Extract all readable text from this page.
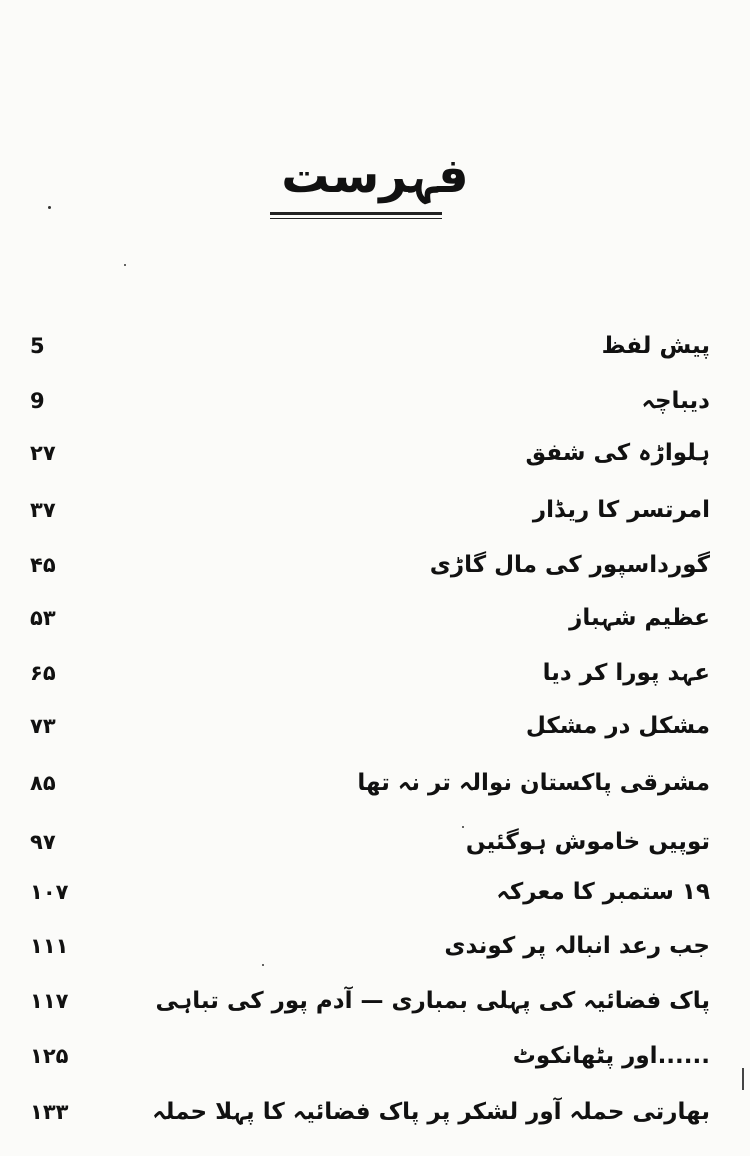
فہرست
پیش لفظ
5
دیباچہ
9
ہلواڑہ کی شفق
۲۷
امرتسر کا ریڈار
۳۷
گورداسپور کی مال گاڑی
۴۵
عظیم شہباز
۵۳
عہد پورا کر دیا
۶۵
مشکل در مشکل
۷۳
مشرقی پاکستان نوالہ تر نہ تھا
۸۵
توپیں خاموش ہوگئیں
۹۷
۱۹ ستمبر کا معرکہ
۱۰۷
جب رعد انبالہ پر کوندی
۱۱۱
پاک فضائیہ کی پہلی بمباری — آدم پور کی تباہی
۱۱۷
......اور پٹھانکوٹ
۱۲۵
بھارتی حملہ آور لشکر پر پاک فضائیہ کا پہلا حملہ
۱۳۳
